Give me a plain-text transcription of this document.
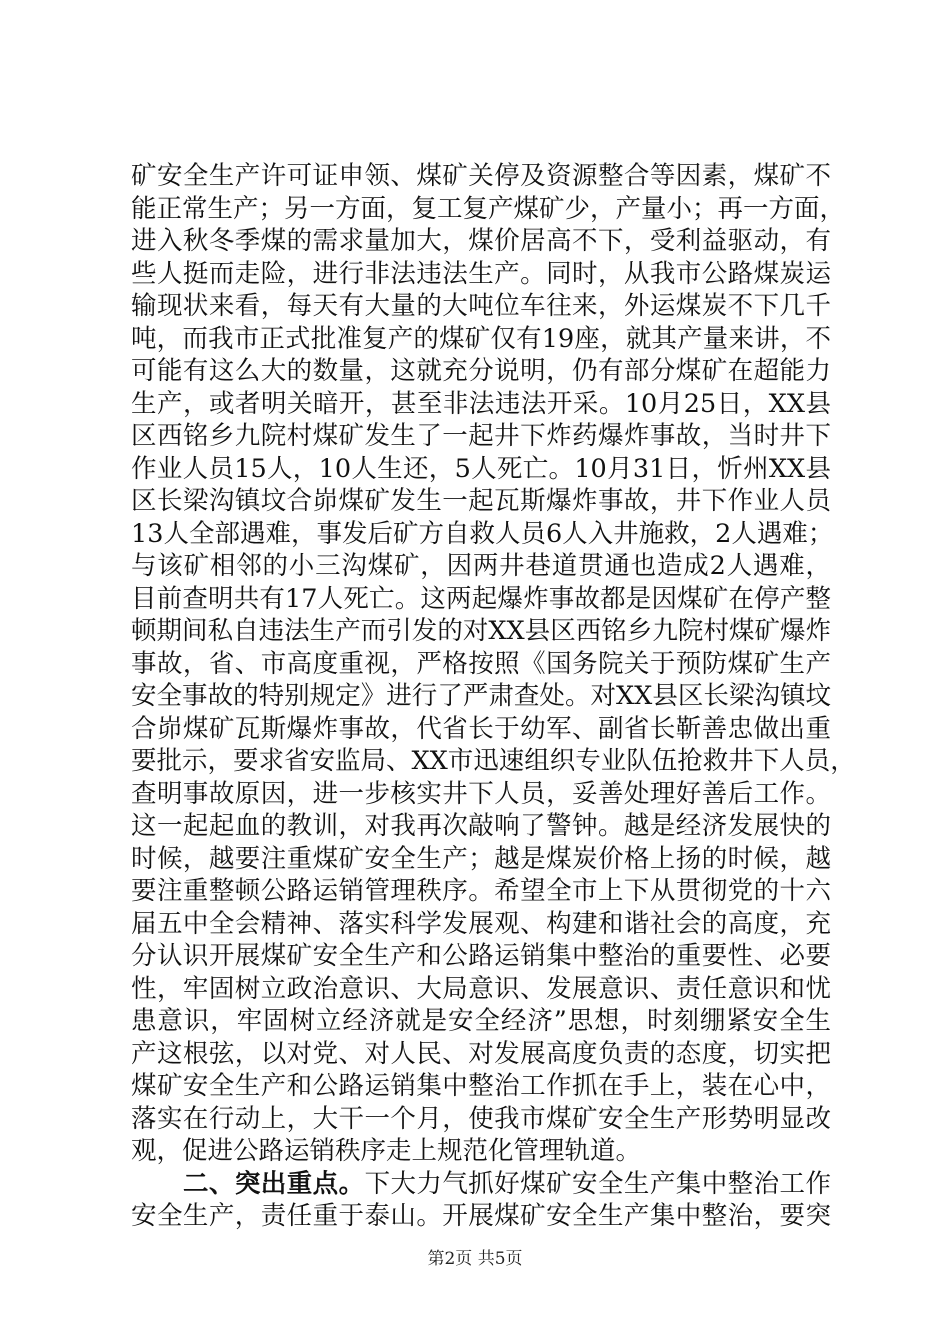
矿安全生产许可证申领、煤矿关停及资源整合等因素，煤矿不
能正常生产；另一方面，复工复产煤矿少，产量小；再一方面，
进入秋冬季煤的需求量加大，煤价居高不下，受利益驱动，有
些人挺而走险，进行非法违法生产。同时，从我市公路煤炭运
输现状来看，每天有大量的大吨位车往来，外运煤炭不下几千
吨，而我市正式批准复产的煤矿仅有19座，就其产量来讲，不
可能有这么大的数量，这就充分说明，仍有部分煤矿在超能力
生产，或者明关暗开，甚至非法违法开采。10月25日，XX县
区西铭乡九院村煤矿发生了一起井下炸药爆炸事故，当时井下
作业人员15人，10人生还，5人死亡。10月31日，忻州XX县
区长梁沟镇坟合峁煤矿发生一起瓦斯爆炸事故，井下作业人员
13人全部遇难，事发后矿方自救人员6人入井施救，2人遇难；
与该矿相邻的小三沟煤矿，因两井巷道贯通也造成2人遇难，
目前查明共有17人死亡。这两起爆炸事故都是因煤矿在停产整
顿期间私自违法生产而引发的对XX县区西铭乡九院村煤矿爆炸
事故，省、市高度重视，严格按照《国务院关于预防煤矿生产
安全事故的特别规定》进行了严肃查处。对XX县区长梁沟镇坟
合峁煤矿瓦斯爆炸事故，代省长于幼军、副省长靳善忠做出重
要批示，要求省安监局、XX市迅速组织专业队伍抢救井下人员，
查明事故原因，进一步核实井下人员，妥善处理好善后工作。
这一起起血的教训，对我再次敲响了警钟。越是经济发展快的
时候，越要注重煤矿安全生产；越是煤炭价格上扬的时候，越
要注重整顿公路运销管理秩序。希望全市上下从贯彻党的十六
届五中全会精神、落实科学发展观、构建和谐社会的高度，充
分认识开展煤矿安全生产和公路运销集中整治的重要性、必要
性，牢固树立政治意识、大局意识、发展意识、责任意识和忧
患意识，牢固树立经济就是安全经济”思想，时刻绷紧安全生
产这根弦，以对党、对人民、对发展高度负责的态度，切实把
煤矿安全生产和公路运销集中整治工作抓在手上，装在心中，
落实在行动上，大干一个月，使我市煤矿安全生产形势明显改
观，促进公路运销秩序走上规范化管理轨道。
二、突出重点。下大力气抓好煤矿安全生产集中整治工作
安全生产，责任重于泰山。开展煤矿安全生产集中整治，要突
第2页 共5页
